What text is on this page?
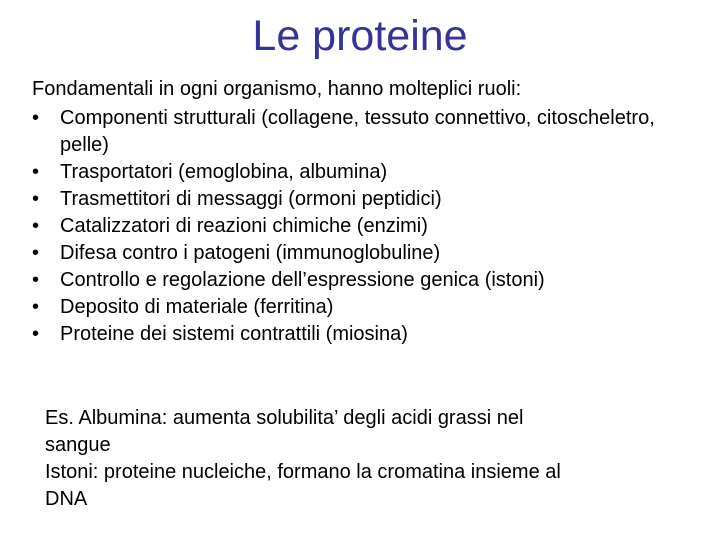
Le proteine

Fondamentali in ogni organismo, hanno molteplici ruoli:

• Componenti strutturali (collagene, tessuto connettivo, citoscheletro, pelle)
• Trasportatori (emoglobina, albumina)
• Trasmettitori di messaggi (ormoni peptidici)
• Catalizzatori di reazioni chimiche (enzimi)
• Difesa contro i patogeni (immunoglobuline)
• Controllo e regolazione dell’espressione genica (istoni)
• Deposito di materiale (ferritina)
• Proteine dei sistemi contrattili (miosina)

Es. Albumina: aumenta solubilita’ degli acidi grassi nel sangue

Istoni: proteine nucleiche, formano la cromatina insieme al DNA
